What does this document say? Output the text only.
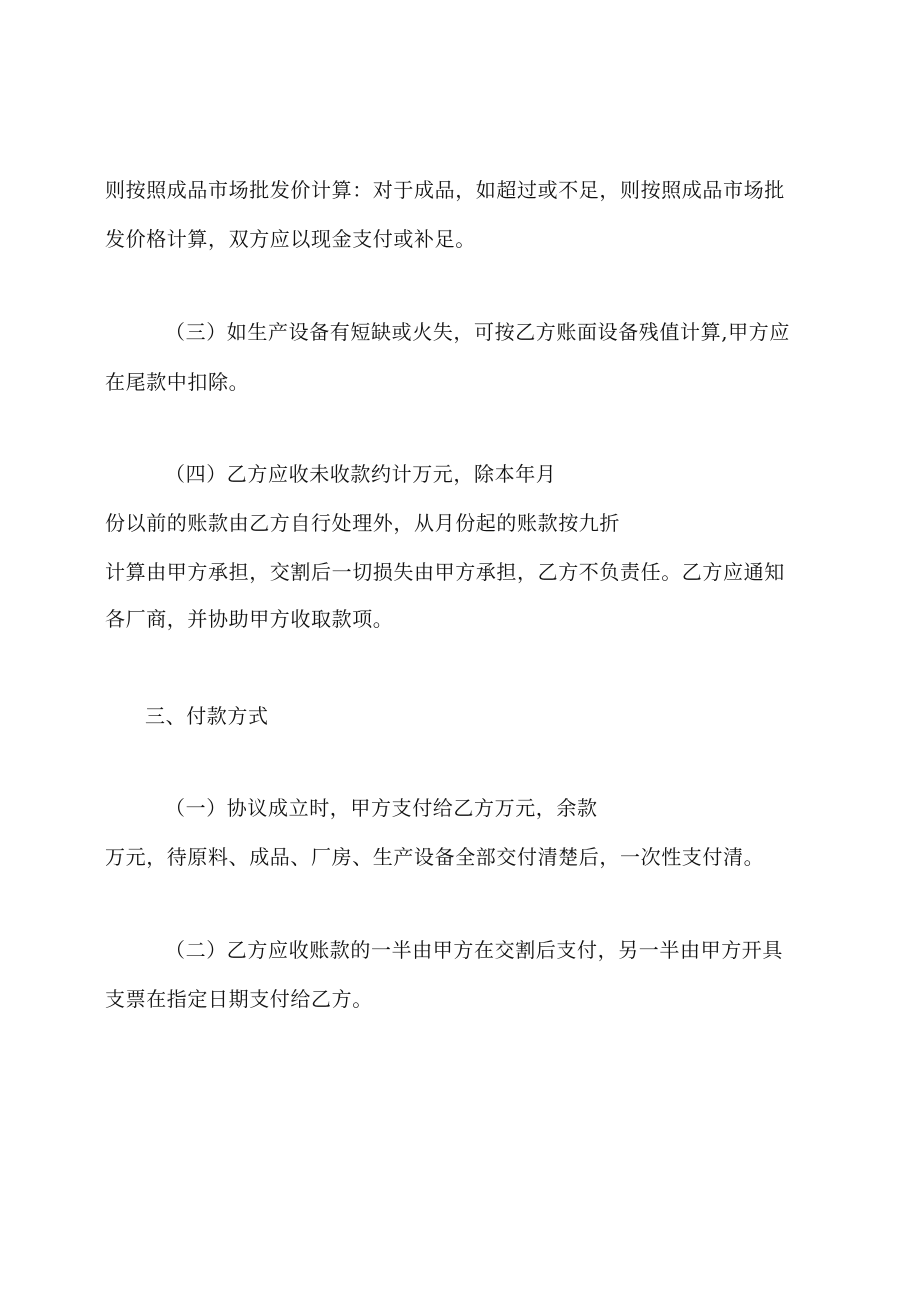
则按照成品市场批发价计算：对于成品，如超过或不足，则按照成品市场批
发价格计算，双方应以现金支付或补足。
（三）如生产设备有短缺或火失，可按乙方账面设备残值计算,甲方应
在尾款中扣除。
（四）乙方应收未收款约计万元，除本年月
份以前的账款由乙方自行处理外，从月份起的账款按九折
计算由甲方承担，交割后一切损失由甲方承担，乙方不负责任。乙方应通知
各厂商，并协助甲方收取款项。
三、付款方式
（一）协议成立时，甲方支付给乙方万元，余款
万元，待原料、成品、厂房、生产设备全部交付清楚后，一次性支付清。
（二）乙方应收账款的一半由甲方在交割后支付，另一半由甲方开具
支票在指定日期支付给乙方。
